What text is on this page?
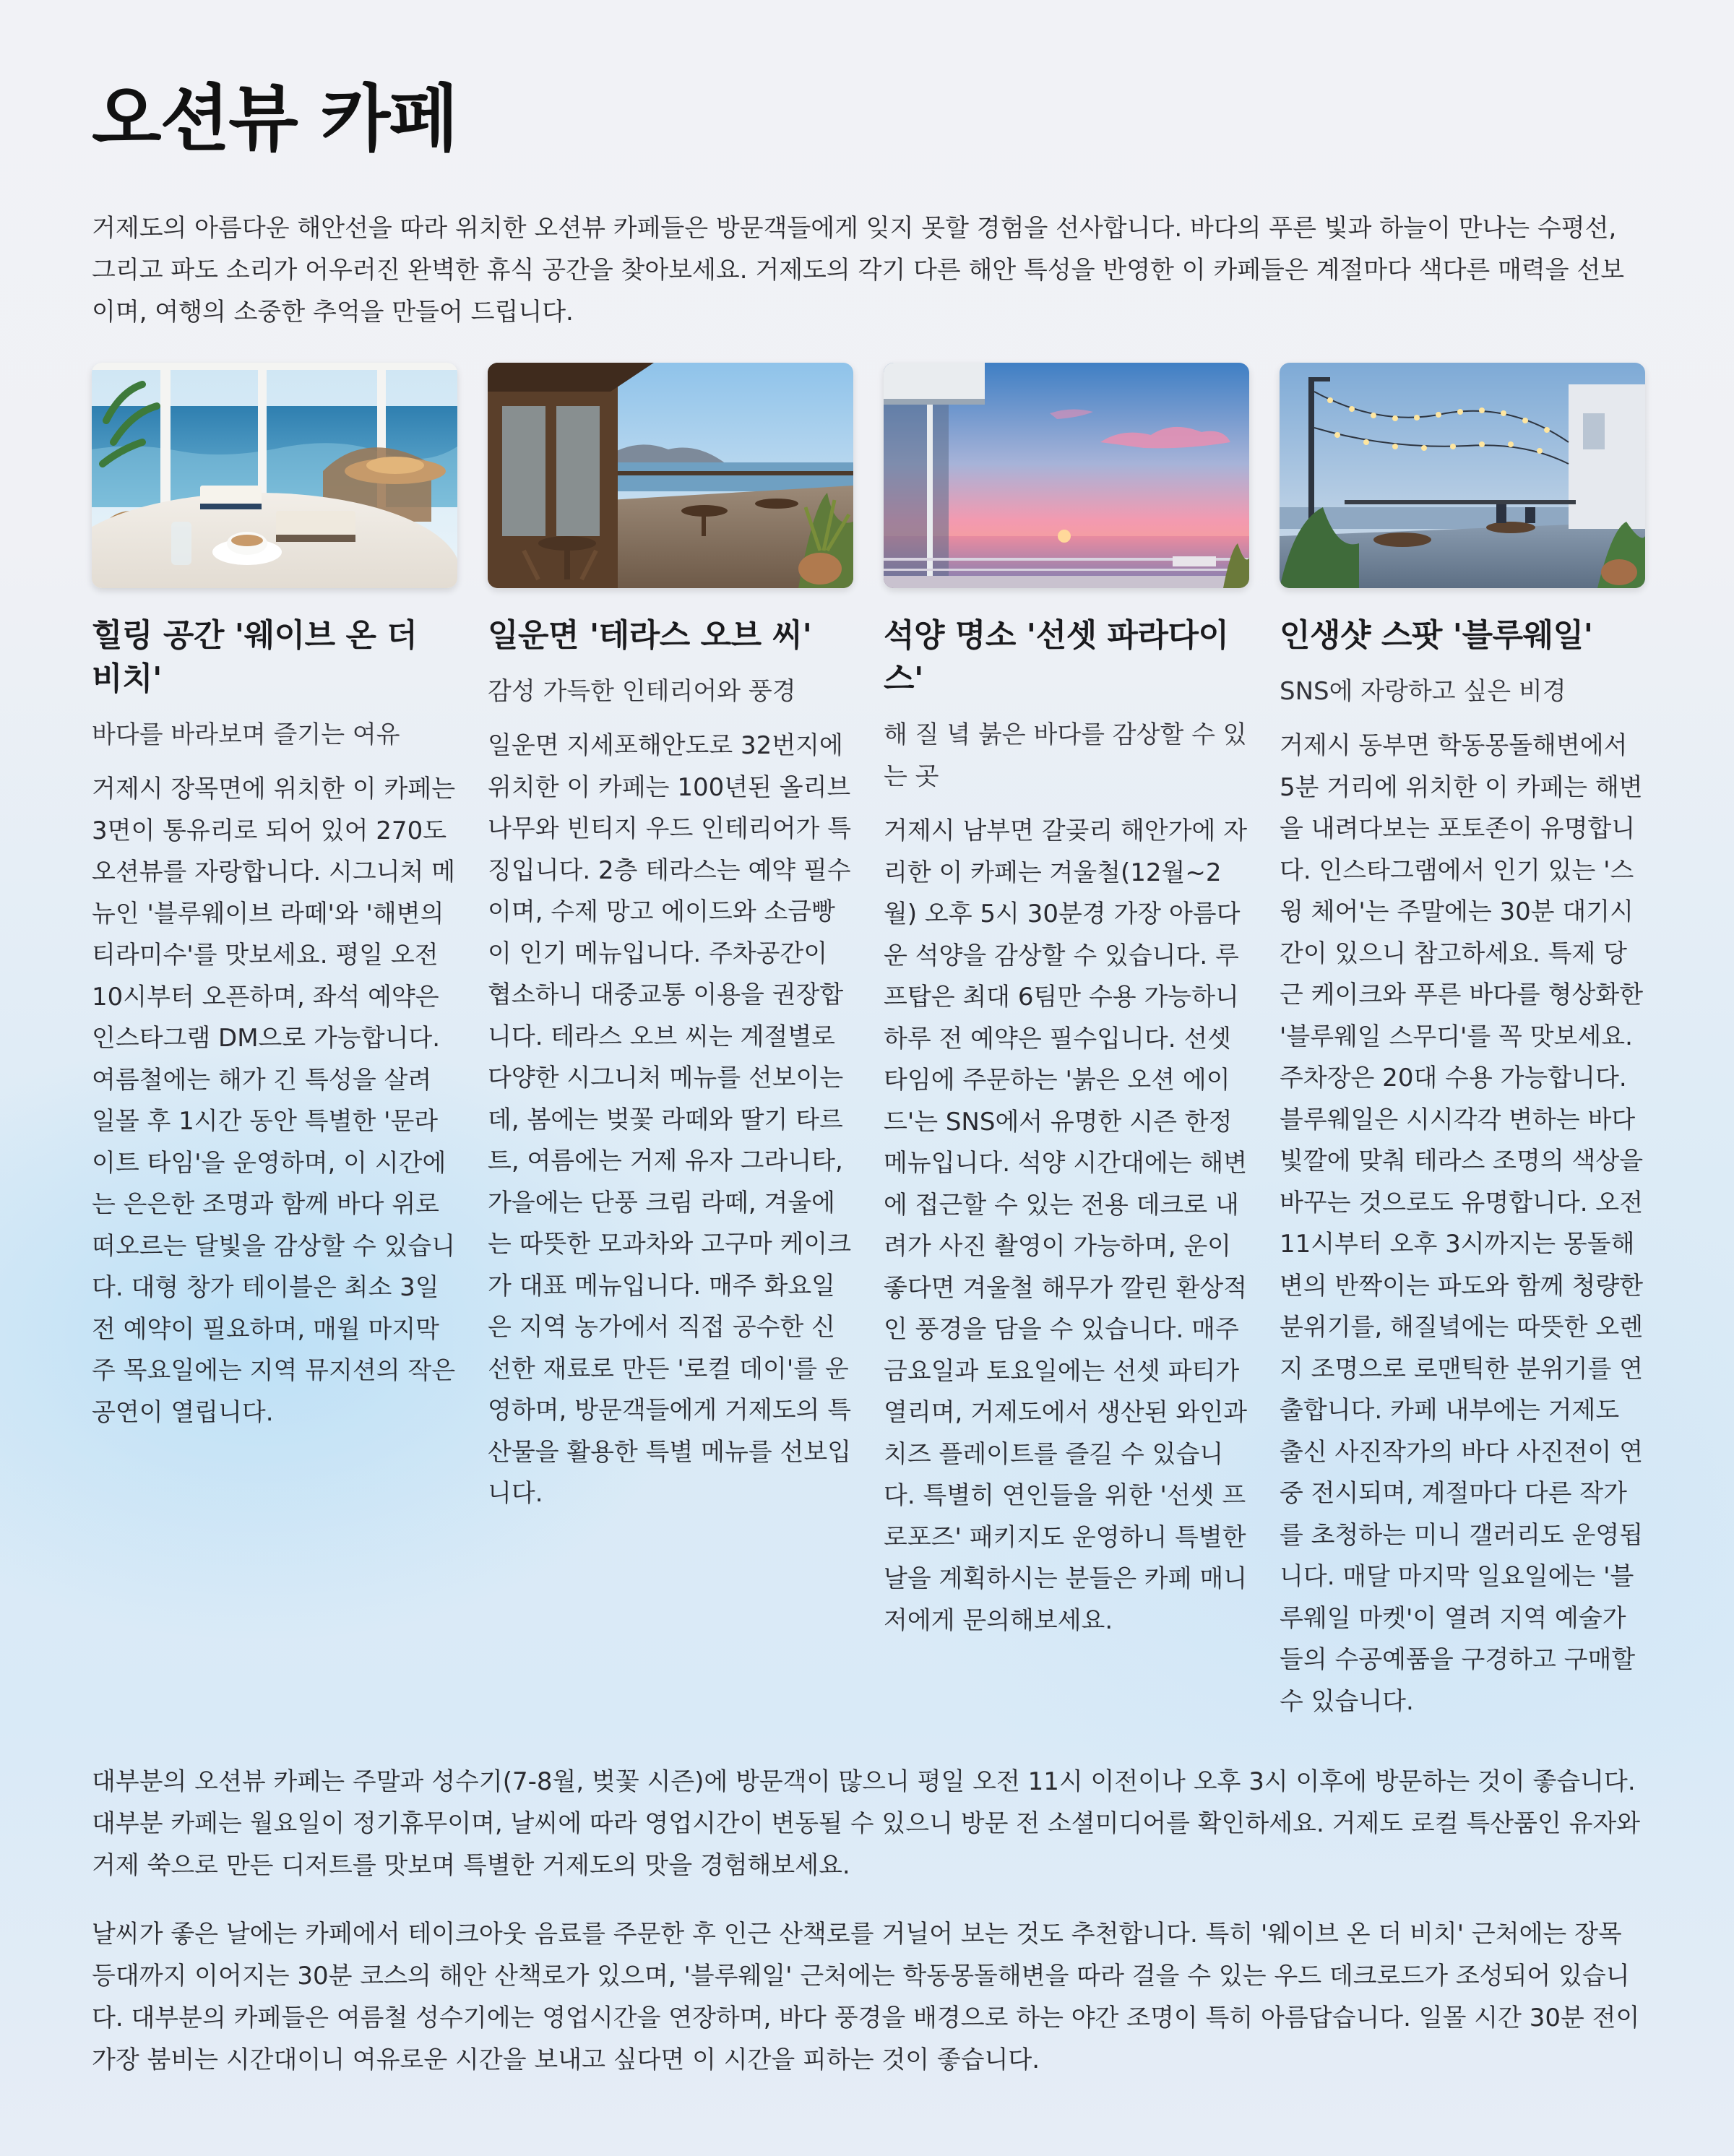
오션뷰 카페

거제도의 아름다운 해안선을 따라 위치한 오션뷰 카페들은 방문객들에게 잊지 못할 경험을 선사합니다. 바다의 푸른 빛과 하늘이 만나는 수평선, 그리고 파도 소리가 어우러진 완벽한 휴식 공간을 찾아보세요. 거제도의 각기 다른 해안 특성을 반영한 이 카페들은 계절마다 색다른 매력을 선보이며, 여행의 소중한 추억을 만들어 드립니다.

힐링 공간 '웨이브 온 더 비치'

바다를 바라보며 즐기는 여유

거제시 장목면에 위치한 이 카페는 3면이 통유리로 되어 있어 270도 오션뷰를 자랑합니다. 시그니처 메뉴인 '블루웨이브 라떼'와 '해변의 티라미수'를 맛보세요. 평일 오전 10시부터 오픈하며, 좌석 예약은 인스타그램 DM으로 가능합니다. 여름철에는 해가 긴 특성을 살려 일몰 후 1시간 동안 특별한 '문라이트 타임'을 운영하며, 이 시간에는 은은한 조명과 함께 바다 위로 떠오르는 달빛을 감상할 수 있습니다. 대형 창가 테이블은 최소 3일 전 예약이 필요하며, 매월 마지막 주 목요일에는 지역 뮤지션의 작은 공연이 열립니다.

일운면 '테라스 오브 씨'

감성 가득한 인테리어와 풍경

일운면 지세포해안도로 32번지에 위치한 이 카페는 100년된 올리브나무와 빈티지 우드 인테리어가 특징입니다. 2층 테라스는 예약 필수이며, 수제 망고 에이드와 소금빵이 인기 메뉴입니다. 주차공간이 협소하니 대중교통 이용을 권장합니다. 테라스 오브 씨는 계절별로 다양한 시그니처 메뉴를 선보이는데, 봄에는 벚꽃 라떼와 딸기 타르트, 여름에는 거제 유자 그라니타, 가을에는 단풍 크림 라떼, 겨울에는 따뜻한 모과차와 고구마 케이크가 대표 메뉴입니다. 매주 화요일은 지역 농가에서 직접 공수한 신선한 재료로 만든 '로컬 데이'를 운영하며, 방문객들에게 거제도의 특산물을 활용한 특별 메뉴를 선보입니다.

석양 명소 '선셋 파라다이스'

해 질 녘 붉은 바다를 감상할 수 있는 곳

거제시 남부면 갈곶리 해안가에 자리한 이 카페는 겨울철(12월~2월) 오후 5시 30분경 가장 아름다운 석양을 감상할 수 있습니다. 루프탑은 최대 6팀만 수용 가능하니 하루 전 예약은 필수입니다. 선셋 타임에 주문하는 '붉은 오션 에이드'는 SNS에서 유명한 시즌 한정 메뉴입니다. 석양 시간대에는 해변에 접근할 수 있는 전용 데크로 내려가 사진 촬영이 가능하며, 운이 좋다면 겨울철 해무가 깔린 환상적인 풍경을 담을 수 있습니다. 매주 금요일과 토요일에는 선셋 파티가 열리며, 거제도에서 생산된 와인과 치즈 플레이트를 즐길 수 있습니다. 특별히 연인들을 위한 '선셋 프로포즈' 패키지도 운영하니 특별한 날을 계획하시는 분들은 카페 매니저에게 문의해보세요.

인생샷 스팟 '블루웨일'

SNS에 자랑하고 싶은 비경

거제시 동부면 학동몽돌해변에서 5분 거리에 위치한 이 카페는 해변을 내려다보는 포토존이 유명합니다. 인스타그램에서 인기 있는 '스윙 체어'는 주말에는 30분 대기시간이 있으니 참고하세요. 특제 당근 케이크와 푸른 바다를 형상화한 '블루웨일 스무디'를 꼭 맛보세요. 주차장은 20대 수용 가능합니다. 블루웨일은 시시각각 변하는 바다 빛깔에 맞춰 테라스 조명의 색상을 바꾸는 것으로도 유명합니다. 오전 11시부터 오후 3시까지는 몽돌해변의 반짝이는 파도와 함께 청량한 분위기를, 해질녘에는 따뜻한 오렌지 조명으로 로맨틱한 분위기를 연출합니다. 카페 내부에는 거제도 출신 사진작가의 바다 사진전이 연중 전시되며, 계절마다 다른 작가를 초청하는 미니 갤러리도 운영됩니다. 매달 마지막 일요일에는 '블루웨일 마켓'이 열려 지역 예술가들의 수공예품을 구경하고 구매할 수 있습니다.

대부분의 오션뷰 카페는 주말과 성수기(7-8월, 벚꽃 시즌)에 방문객이 많으니 평일 오전 11시 이전이나 오후 3시 이후에 방문하는 것이 좋습니다. 대부분 카페는 월요일이 정기휴무이며, 날씨에 따라 영업시간이 변동될 수 있으니 방문 전 소셜미디어를 확인하세요. 거제도 로컬 특산품인 유자와 거제 쑥으로 만든 디저트를 맛보며 특별한 거제도의 맛을 경험해보세요.

날씨가 좋은 날에는 카페에서 테이크아웃 음료를 주문한 후 인근 산책로를 거닐어 보는 것도 추천합니다. 특히 '웨이브 온 더 비치' 근처에는 장목 등대까지 이어지는 30분 코스의 해안 산책로가 있으며, '블루웨일' 근처에는 학동몽돌해변을 따라 걸을 수 있는 우드 데크로드가 조성되어 있습니다. 대부분의 카페들은 여름철 성수기에는 영업시간을 연장하며, 바다 풍경을 배경으로 하는 야간 조명이 특히 아름답습니다. 일몰 시간 30분 전이 가장 붐비는 시간대이니 여유로운 시간을 보내고 싶다면 이 시간을 피하는 것이 좋습니다.
